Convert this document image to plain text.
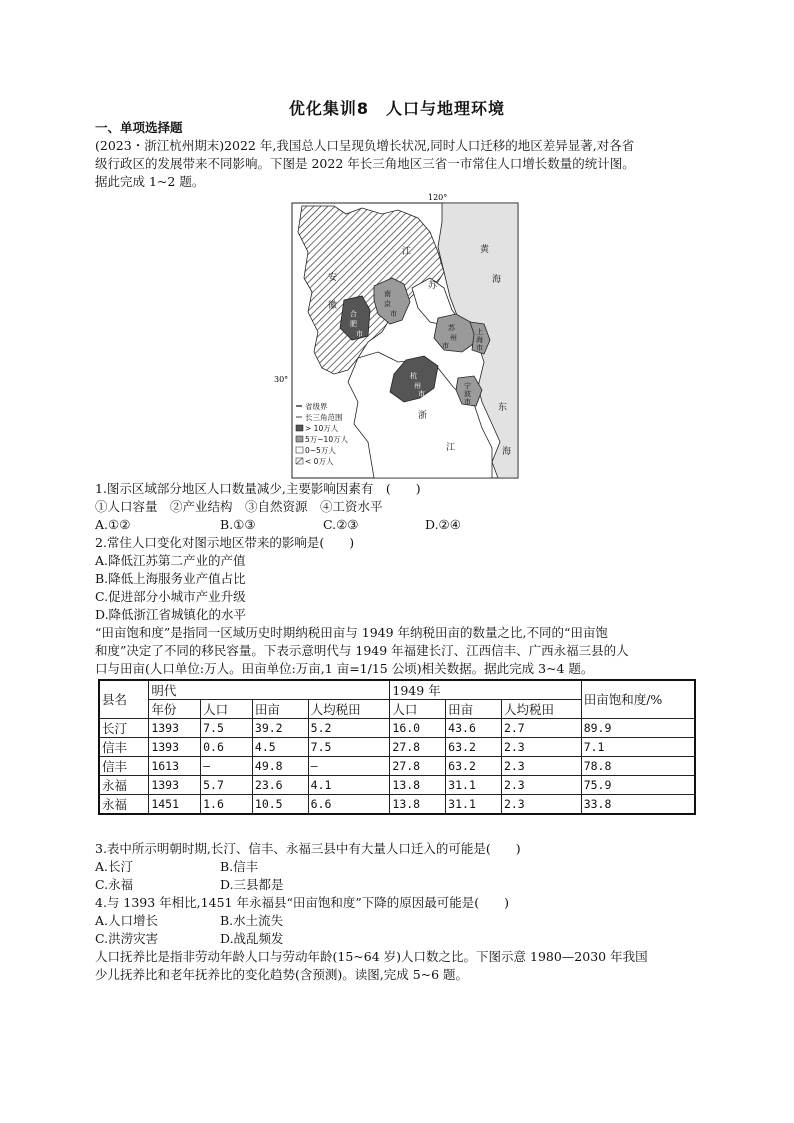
优化集训8　人口与地理环境
一、单项选择题
(2023・浙江杭州期末)2022 年,我国总人口呈现负增长状况,同时人口迁移的地区差异显著,对各省
级行政区的发展带来不同影响。下图是 2022 年长三角地区三省一市常住人口增长数量的统计图。
据此完成 1~2 题。
120°
30°
江
苏
黄
海
安
徽
合
肥
市
南
京
市
苏
州
市
上
海
市
杭
州
市
浙
江
宁
波
市
东
海
省级界
长三角范围
> 10万人
5万~10万人
0~5万人
< 0万人
1.图示区域部分地区人口数量减少,主要影响因素有　(　　)
①人口容量　②产业结构　③自然资源　④工资水平
A.①②	B.①③	C.②③	D.②④
2.常住人口变化对图示地区带来的影响是(　　)
A.降低江苏第二产业的产值
B.降低上海服务业产值占比
C.促进部分小城市产业升级
D.降低浙江省城镇化的水平
“田亩饱和度”是指同一区域历史时期纳税田亩与 1949 年纳税田亩的数量之比,不同的“田亩饱
和度”决定了不同的移民容量。下表示意明代与 1949 年福建长汀、江西信丰、广西永福三县的人
口与田亩(人口单位:万人。田亩单位:万亩,1 亩=1/15 公顷)相关数据。据此完成 3~4 题。
县名	明代				1949 年			田亩饱和度/%
	年份	人口	田亩	人均税田	人口	田亩	人均税田	
长汀	1393	7.5	39.2	5.2	16.0	43.6	2.7	89.9
信丰	1393	0.6	4.5	7.5	27.8	63.2	2.3	7.1
信丰	1613	—	49.8	—	27.8	63.2	2.3	78.8
永福	1393	5.7	23.6	4.1	13.8	31.1	2.3	75.9
永福	1451	1.6	10.5	6.6	13.8	31.1	2.3	33.8
3.表中所示明朝时期,长汀、信丰、永福三县中有大量人口迁入的可能是(　　)
A.长汀	B.信丰
C.永福	D.三县都是
4.与 1393 年相比,1451 年永福县“田亩饱和度”下降的原因最可能是(　　)
A.人口增长	B.水土流失
C.洪涝灾害	D.战乱频发
人口抚养比是指非劳动年龄人口与劳动年龄(15~64 岁)人口数之比。下图示意 1980—2030 年我国
少儿抚养比和老年抚养比的变化趋势(含预测)。读图,完成 5~6 题。
